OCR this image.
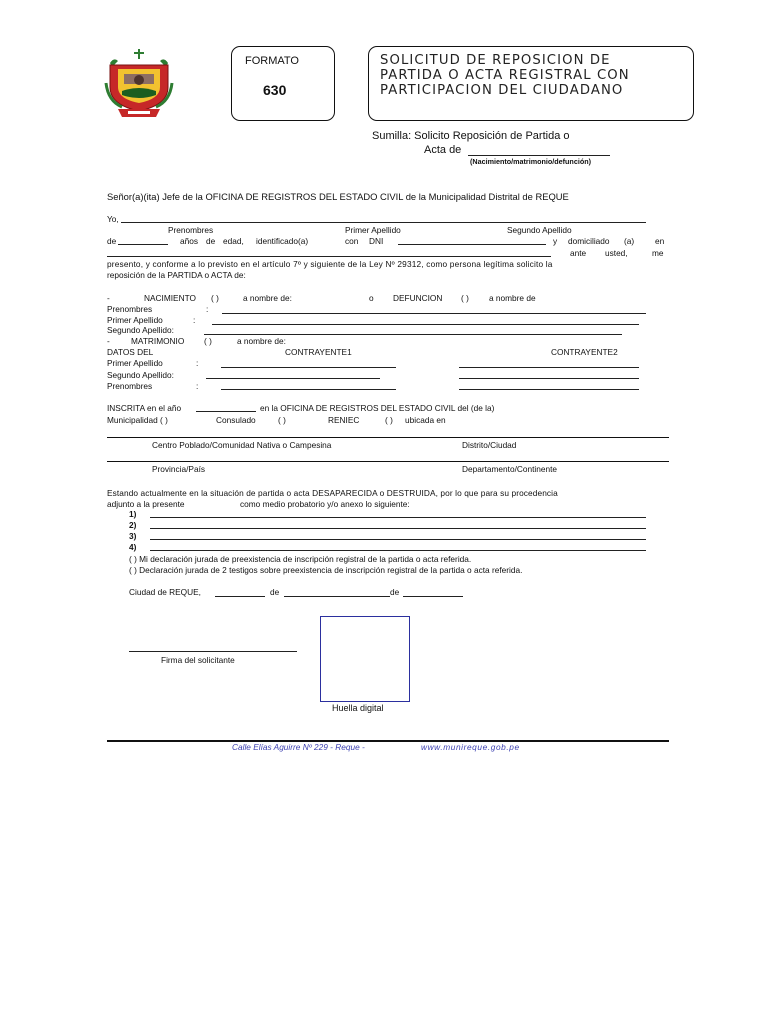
FORMATO
630
SOLICITUD DE REPOSICION DE
PARTIDA O ACTA REGISTRAL CON
PARTICIPACION DEL CIUDADANO
Sumilla: Solicito Reposición de Partida o
Acta de
(Nacimiento/matrimonio/defunción)
Señor(a)(ita) Jefe de la OFICINA DE REGISTROS DEL ESTADO CIVIL de la Municipalidad Distrital de REQUE
Yo,
Prenombres	Primer Apellido	Segundo Apellido
de	años de edad, identificado(a)	con DNI	y domiciliado (a)	en
ante usted,	me
presento, y conforme a lo previsto en el artículo 7º y siguiente de la Ley Nº 29312, como persona legítima solicito la
reposición de la PARTIDA o ACTA de:
-	NACIMIENTO ( )	a nombre de:	o DEFUNCION ( ) a nombre de
Prenombres	:
Primer Apellido	:
Segundo Apellido:
-	MATRIMONIO ( )	a nombre de:
DATOS DEL	CONTRAYENTE1	CONTRAYENTE2
Primer Apellido	:
Segundo Apellido:
Prenombres	:
INSCRITA en el año	en la OFICINA DE REGISTROS DEL ESTADO CIVIL del (de la)
Municipalidad ( )	Consulado	( )	RENIEC	( ) ubicada en
Centro Poblado/Comunidad Nativa o Campesina	Distrito/Ciudad
Provincia/País	Departamento/Continente
Estando actualmente en la situación de partida o acta DESAPARECIDA o DESTRUIDA, por lo que para su procedencia
adjunto a la presente	como medio probatorio y/o anexo lo siguiente:
1)
2)
3)
4)
( ) Mi declaración jurada de preexistencia de inscripción registral de la partida o acta referida.
( ) Declaración jurada de 2 testigos sobre preexistencia de inscripción registral de la partida o acta referida.
Ciudad de REQUE,	de	de
Firma del solicitante
Huella digital
Calle Elías Aguirre Nº 229 - Reque -	www.munireque.gob.pe
